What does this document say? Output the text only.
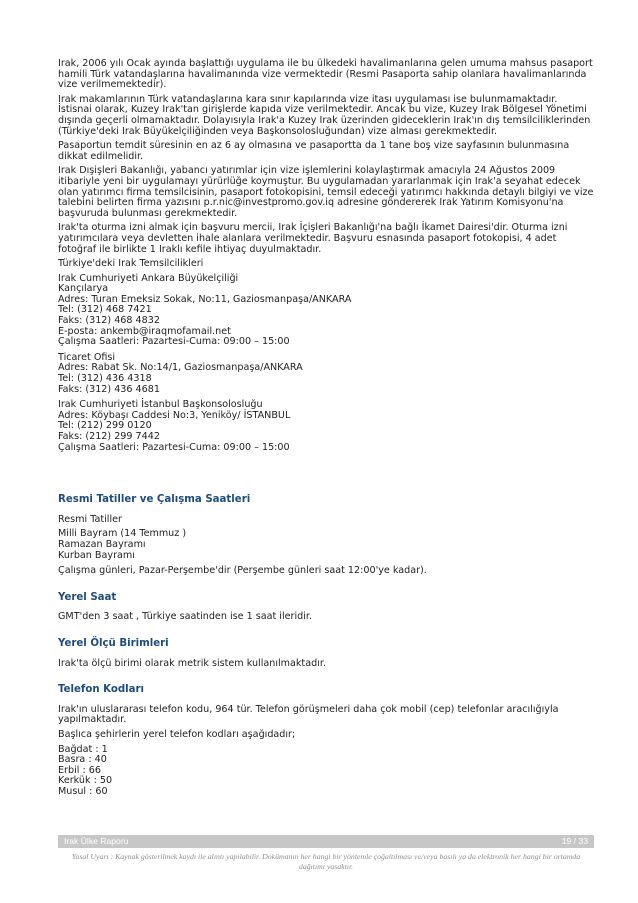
Irak, 2006 yılı Ocak ayında başlattığı uygulama ile bu ülkedeki havalimanlarına gelen umuma mahsus pasaport hamili Türk vatandaşlarına havalimanında vize vermektedir (Resmi Pasaporta sahip olanlara havalimanlarında vize verilmemektedir).

Irak makamlarının Türk vatandaşlarına kara sınır kapılarında vize itası uygulaması ise bulunmamaktadır. İstisnai olarak, Kuzey Irak'tan girişlerde kapıda vize verilmektedir. Ancak bu vize, Kuzey Irak Bölgesel Yönetimi dışında geçerli olmamaktadır. Dolayısıyla Irak'a Kuzey Irak üzerinden gideceklerin Irak'ın dış temsilciliklerinden (Türkiye'deki Irak Büyükelçiliğinden veya Başkonsolosluğundan) vize alması gerekmektedir.

Pasaportun temdit süresinin en az 6 ay olmasına ve pasaportta da 1 tane boş vize sayfasının bulunmasına dikkat edilmelidir.

Irak Dışişleri Bakanlığı, yabancı yatırımlar için vize işlemlerini kolaylaştırmak amacıyla 24 Ağustos 2009 itibariyle yeni bir uygulamayı yürürlüğe koymuştur. Bu uygulamadan yararlanmak için Irak'a seyahat edecek olan yatırımcı firma temsilcisinin, pasaport fotokopisini, temsil edeceği yatırımcı hakkında detaylı bilgiyi ve vize talebini belirten firma yazısını p.r.nic@investpromo.gov.iq adresine göndererek Irak Yatırım Komisyonu'na başvuruda bulunması gerekmektedir.

Irak'ta oturma izni almak için başvuru mercii, Irak İçişleri Bakanlığı'na bağlı İkamet Dairesi'dir. Oturma izni yatırımcılara veya devletten ihale alanlara verilmektedir. Başvuru esnasında pasaport fotokopisi, 4 adet fotoğraf ile birlikte 1 Iraklı kefile ihtiyaç duyulmaktadır.

Türkiye'deki Irak Temsilcilikleri

Irak Cumhuriyeti Ankara Büyükelçiliği
Kançılarya
Adres: Turan Emeksiz Sokak, No:11, Gaziosmanpaşa/ANKARA
Tel: (312) 468 7421
Faks: (312) 468 4832
E-posta: ankemb@iraqmofamail.net
Çalışma Saatleri: Pazartesi-Cuma: 09:00 – 15:00
Ticaret Ofisi
Adres: Rabat Sk. No:14/1, Gaziosmanpaşa/ANKARA
Tel: (312) 436 4318
Faks: (312) 436 4681
Irak Cumhuriyeti İstanbul Başkonsolosluğu
Adres: Köybaşı Caddesi No:3, Yeniköy/ İSTANBUL
Tel: (212) 299 0120
Faks: (212) 299 7442
Çalışma Saatleri: Pazartesi-Cuma: 09:00 – 15:00
Resmi Tatiller ve Çalışma Saatleri

Resmi Tatiller

Milli Bayram (14 Temmuz )
Ramazan Bayramı
Kurban Bayramı

Çalışma günleri, Pazar-Perşembe'dir (Perşembe günleri saat 12:00'ye kadar).

Yerel Saat

GMT'den 3 saat , Türkiye saatinden ise 1 saat ileridir.

Yerel Ölçü Birimleri

Irak'ta ölçü birimi olarak metrik sistem kullanılmaktadır.

Telefon Kodları

Irak'ın uluslararası telefon kodu, 964 tür. Telefon görüşmeleri daha çok mobil (cep) telefonlar aracılığıyla yapılmaktadır.

Başlıca şehirlerin yerel telefon kodları aşağıdadır;

Bağdat : 1
Basra : 40
Erbil : 66
Kerkük : 50
Musul : 60
Irak Ülke Raporu	19 / 33
Yasal Uyarı : Kaynak gösterilmek kaydı ile alıntı yapılabilir. Dokümanın her hangi bir yöntemle çoğaltılması ve/veya basılı ya da elektronik her hangi bir ortamda dağıtımı yasaktır.
